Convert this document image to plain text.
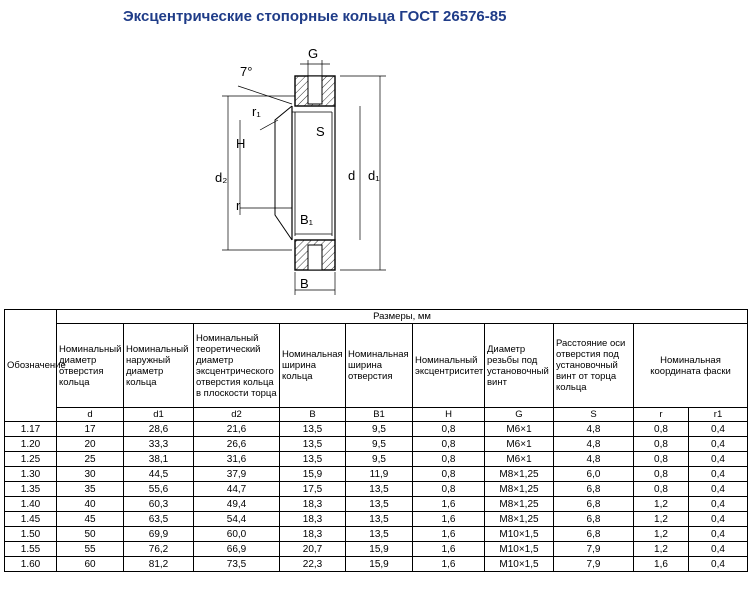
Эксцентрические стопорные кольца ГОСТ 26576-85
G
7°
r₁
H
S
d₂	d d₁
r
B₁
B
Обозначение	Размеры, мм									
	Номинальный диаметр отверстия кольца	Номинальный наружный диаметр кольца	Номинальный теоретический диаметр эксцентрического отверстия кольца в плоскости торца	Номинальная ширина кольца	Номинальная ширина отверстия	Номинальный эксцентриситет	Диаметр резьбы под установочный винт	Расстояние оси отверстия под установочный винт от торца кольца	Номинальная координата фаски	
	d	d1	d2	B	B1	H	G	S	r	r1
1.17	17	28,6	21,6	13,5	9,5	0,8	M6×1	4,8	0,8	0,4
1.20	20	33,3	26,6	13,5	9,5	0,8	M6×1	4,8	0,8	0,4
1.25	25	38,1	31,6	13,5	9,5	0,8	M6×1	4,8	0,8	0,4
1.30	30	44,5	37,9	15,9	11,9	0,8	M8×1,25	6,0	0,8	0,4
1.35	35	55,6	44,7	17,5	13,5	0,8	M8×1,25	6,8	0,8	0,4
1.40	40	60,3	49,4	18,3	13,5	1,6	M8×1,25	6,8	1,2	0,4
1.45	45	63,5	54,4	18,3	13,5	1,6	M8×1,25	6,8	1,2	0,4
1.50	50	69,9	60,0	18,3	13,5	1,6	M10×1,5	6,8	1,2	0,4
1.55	55	76,2	66,9	20,7	15,9	1,6	M10×1,5	7,9	1,2	0,4
1.60	60	81,2	73,5	22,3	15,9	1,6	M10×1,5	7,9	1,6	0,4
